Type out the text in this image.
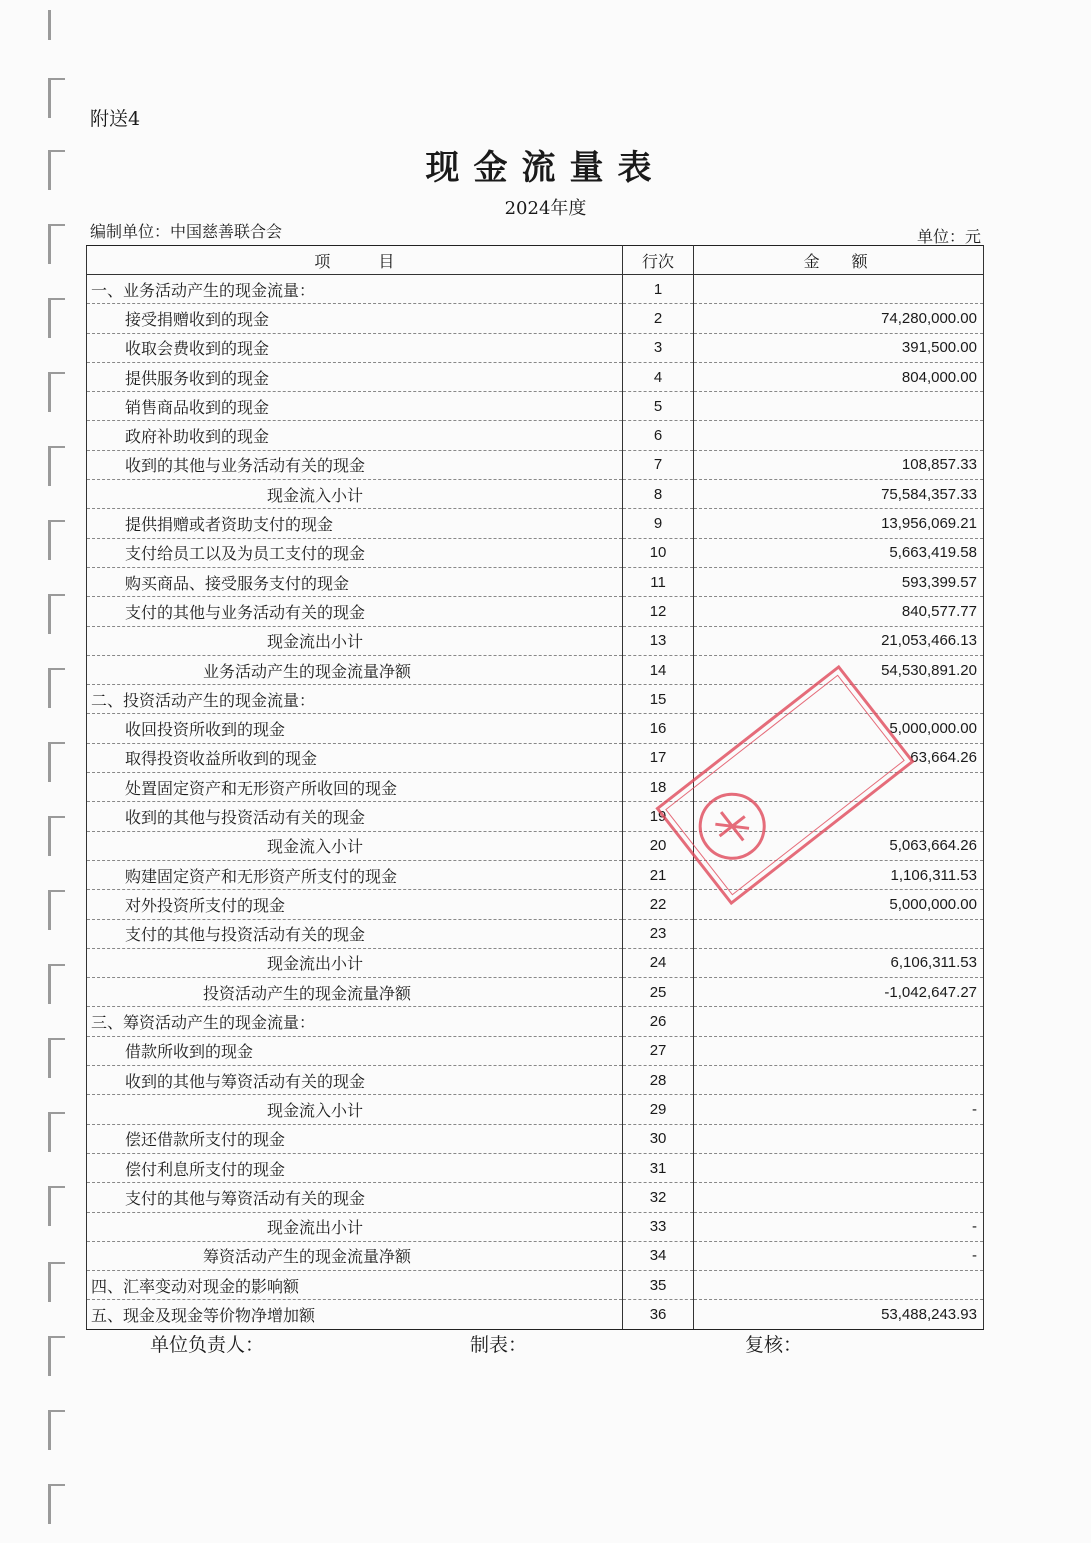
附送4
现金流量表
2024年度
编制单位：中国慈善联合会	单位：元
项　　　目	行次	金　　额
一、业务活动产生的现金流量：	1	
接受捐赠收到的现金	2	74,280,000.00
收取会费收到的现金	3	391,500.00
提供服务收到的现金	4	804,000.00
销售商品收到的现金	5	
政府补助收到的现金	6	
收到的其他与业务活动有关的现金	7	108,857.33
现金流入小计	8	75,584,357.33
提供捐赠或者资助支付的现金	9	13,956,069.21
支付给员工以及为员工支付的现金	10	5,663,419.58
购买商品、接受服务支付的现金	11	593,399.57
支付的其他与业务活动有关的现金	12	840,577.77
现金流出小计	13	21,053,466.13
业务活动产生的现金流量净额	14	54,530,891.20
二、投资活动产生的现金流量：	15	
收回投资所收到的现金	16	5,000,000.00
取得投资收益所收到的现金	17	63,664.26
处置固定资产和无形资产所收回的现金	18	
收到的其他与投资活动有关的现金	19	
现金流入小计	20	5,063,664.26
购建固定资产和无形资产所支付的现金	21	1,106,311.53
对外投资所支付的现金	22	5,000,000.00
支付的其他与投资活动有关的现金	23	
现金流出小计	24	6,106,311.53
投资活动产生的现金流量净额	25	-1,042,647.27
三、筹资活动产生的现金流量：	26	
借款所收到的现金	27	
收到的其他与筹资活动有关的现金	28	
现金流入小计	29	-
偿还借款所支付的现金	30	
偿付利息所支付的现金	31	
支付的其他与筹资活动有关的现金	32	
现金流出小计	33	-
筹资活动产生的现金流量净额	34	-
四、汇率变动对现金的影响额	35	
五、现金及现金等价物净增加额	36	53,488,243.93
单位负责人：	制表：	复核：
